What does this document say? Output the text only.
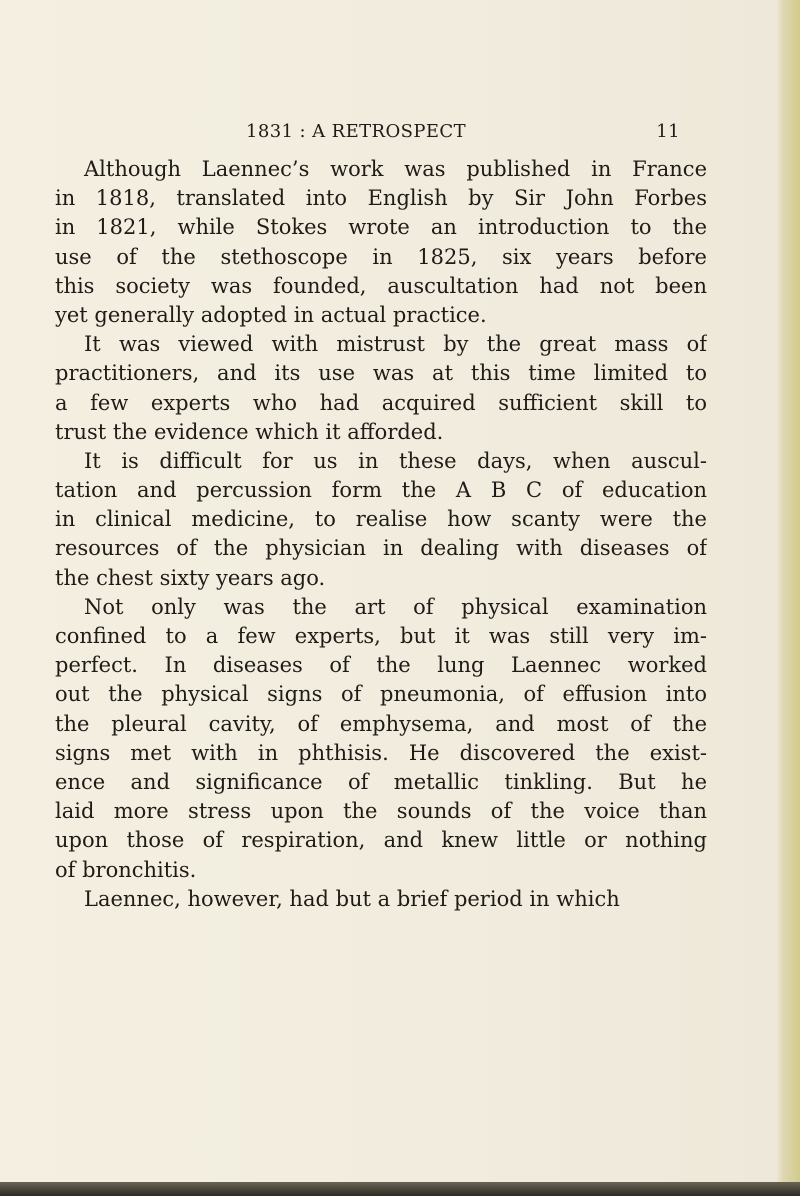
1831 : A RETROSPECT	11
Although Laennec’s work was published in France
in 1818, translated into English by Sir John Forbes
in 1821, while Stokes wrote an introduction to the
use of the stethoscope in 1825, six years before
this society was founded, auscultation had not been
yet generally adopted in actual practice.
It was viewed with mistrust by the great mass of
practitioners, and its use was at this time limited to
a few experts who had acquired sufficient skill to
trust the evidence which it afforded.
It is difficult for us in these days, when auscul-
tation and percussion form the A B C of education
in clinical medicine, to realise how scanty were the
resources of the physician in dealing with diseases of
the chest sixty years ago.
Not only was the art of physical examination
confined to a few experts, but it was still very im-
perfect. In diseases of the lung Laennec worked
out the physical signs of pneumonia, of effusion into
the pleural cavity, of emphysema, and most of the
signs met with in phthisis. He discovered the exist-
ence and significance of metallic tinkling. But he
laid more stress upon the sounds of the voice than
upon those of respiration, and knew little or nothing
of bronchitis.
Laennec, however, had but a brief period in which
